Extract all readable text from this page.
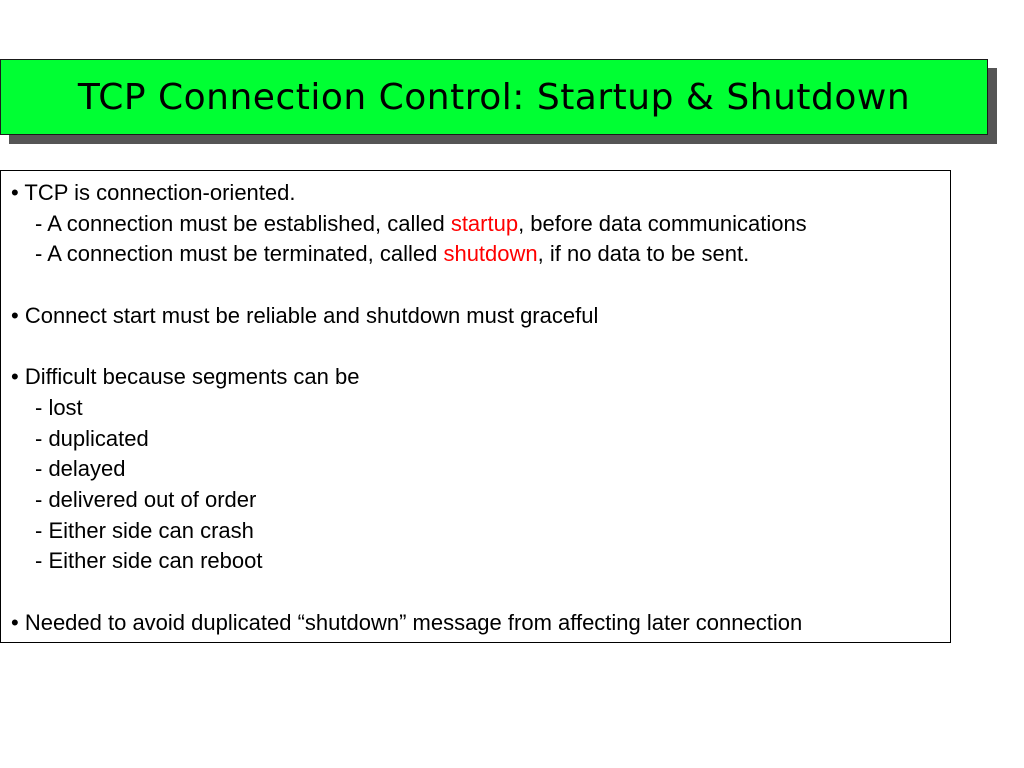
TCP Connection Control: Startup & Shutdown
• TCP is connection-oriented.
- A connection must be established, called startup, before data communications
- A connection must be terminated, called shutdown, if no data to be sent.
• Connect start must be reliable and shutdown must graceful
• Difficult because segments can be
- lost
- duplicated
- delayed
- delivered out of order
- Either side can crash
- Either side can reboot
• Needed to avoid duplicated “shutdown” message from affecting later connection
